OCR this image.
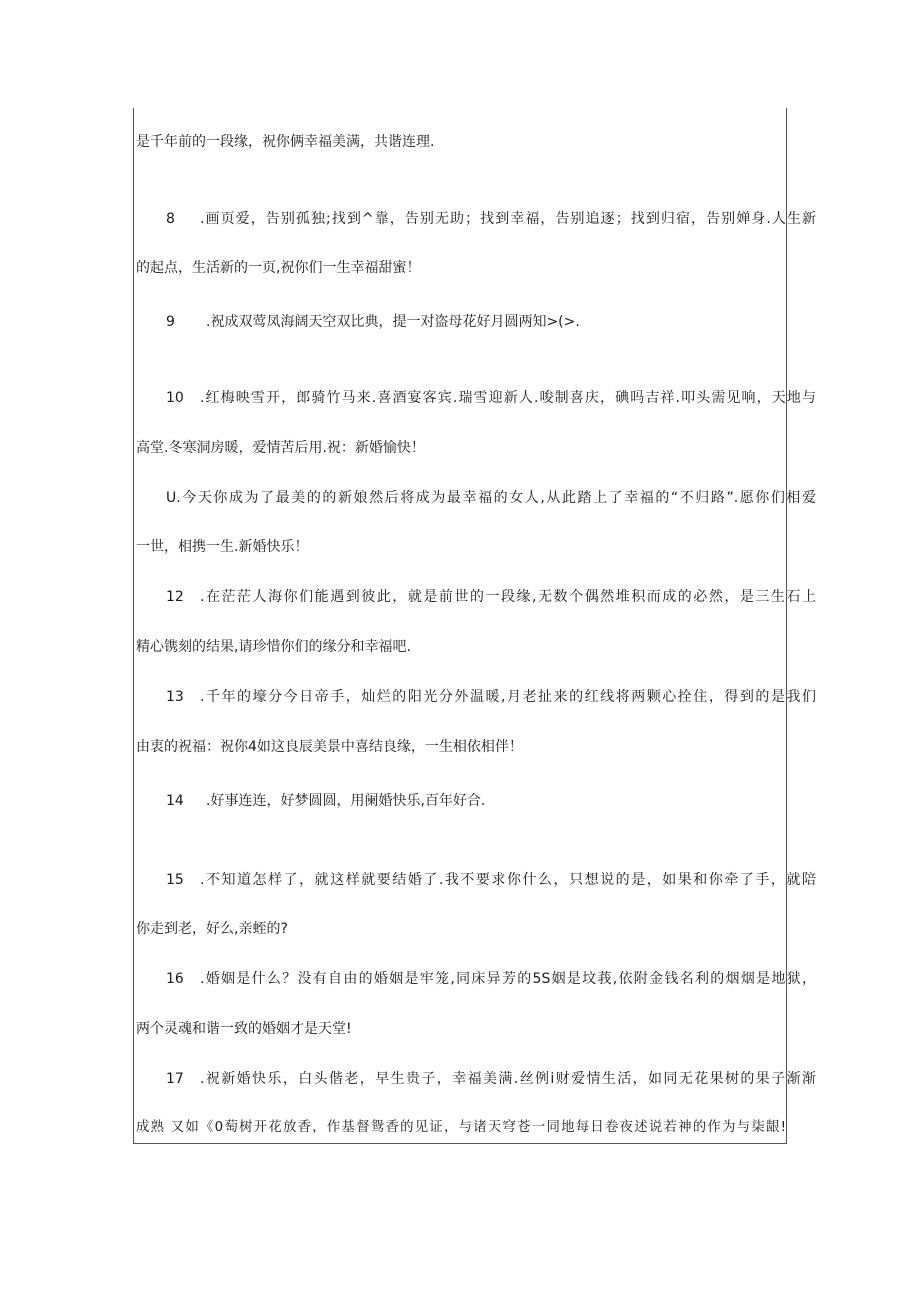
是千年前的一段缘，祝你俩幸福美满，共谐连理.
8 .画页爱，告别孤独;找到^靠，告别无助；找到幸福，告别追逐；找到归宿，告别婵身.人生新
的起点，生活新的一页,祝你们一生幸福甜蜜！
9 .祝成双莺凤海阔天空双比典，提一对盗母花好月圆两知>(>.
10 .红梅映雪开，郎骑竹马来.喜酒宴客宾.瑞雪迎新人.唆制喜庆，碘吗吉祥.叩头需见响，天地与
高堂.冬寒洞房暖，爱情苦后用.祝：新婚愉快！
U.今天你成为了最美的的新娘然后将成为最幸福的女人,从此踏上了幸福的“不归路”.愿你们相爱
一世，相携一生.新婚快乐！
12 .在茫茫人海你们能遇到彼此，就是前世的一段缘,无数个偶然堆积而成的必然，是三生石上
精心镌刻的结果,请珍惜你们的缘分和幸福吧.
13 .千年的壕分今日帝手，灿烂的阳光分外温暖,月老扯来的红线将两颗心拴住，得到的是我们
由衷的祝福：祝你4如这良辰美景中喜结良缘，一生相依相伴！
14 .好事连连，好梦圆圆，用阑婚快乐,百年好合.
15 .不知道怎样了，就这样就要结婚了.我不要求你什么，只想说的是，如果和你牵了手，就陪
你走到老，好么,亲蛭的?
16 .婚姻是什么？没有自由的婚姻是牢笼,同床异芳的5S姻是坟莪,依附金钱名利的烟烟是地狱，
两个灵魂和谐一致的婚姻才是天堂!
17 .祝新婚快乐，白头偕老，早生贵子，幸福美满.丝例i财爱情生活，如同无花果树的果子渐渐
成熟 又如《0萄树开花放香，作基督鸳香的见证，与诸天穹苍一同地每日卷夜述说若神的作为与柒龈!
